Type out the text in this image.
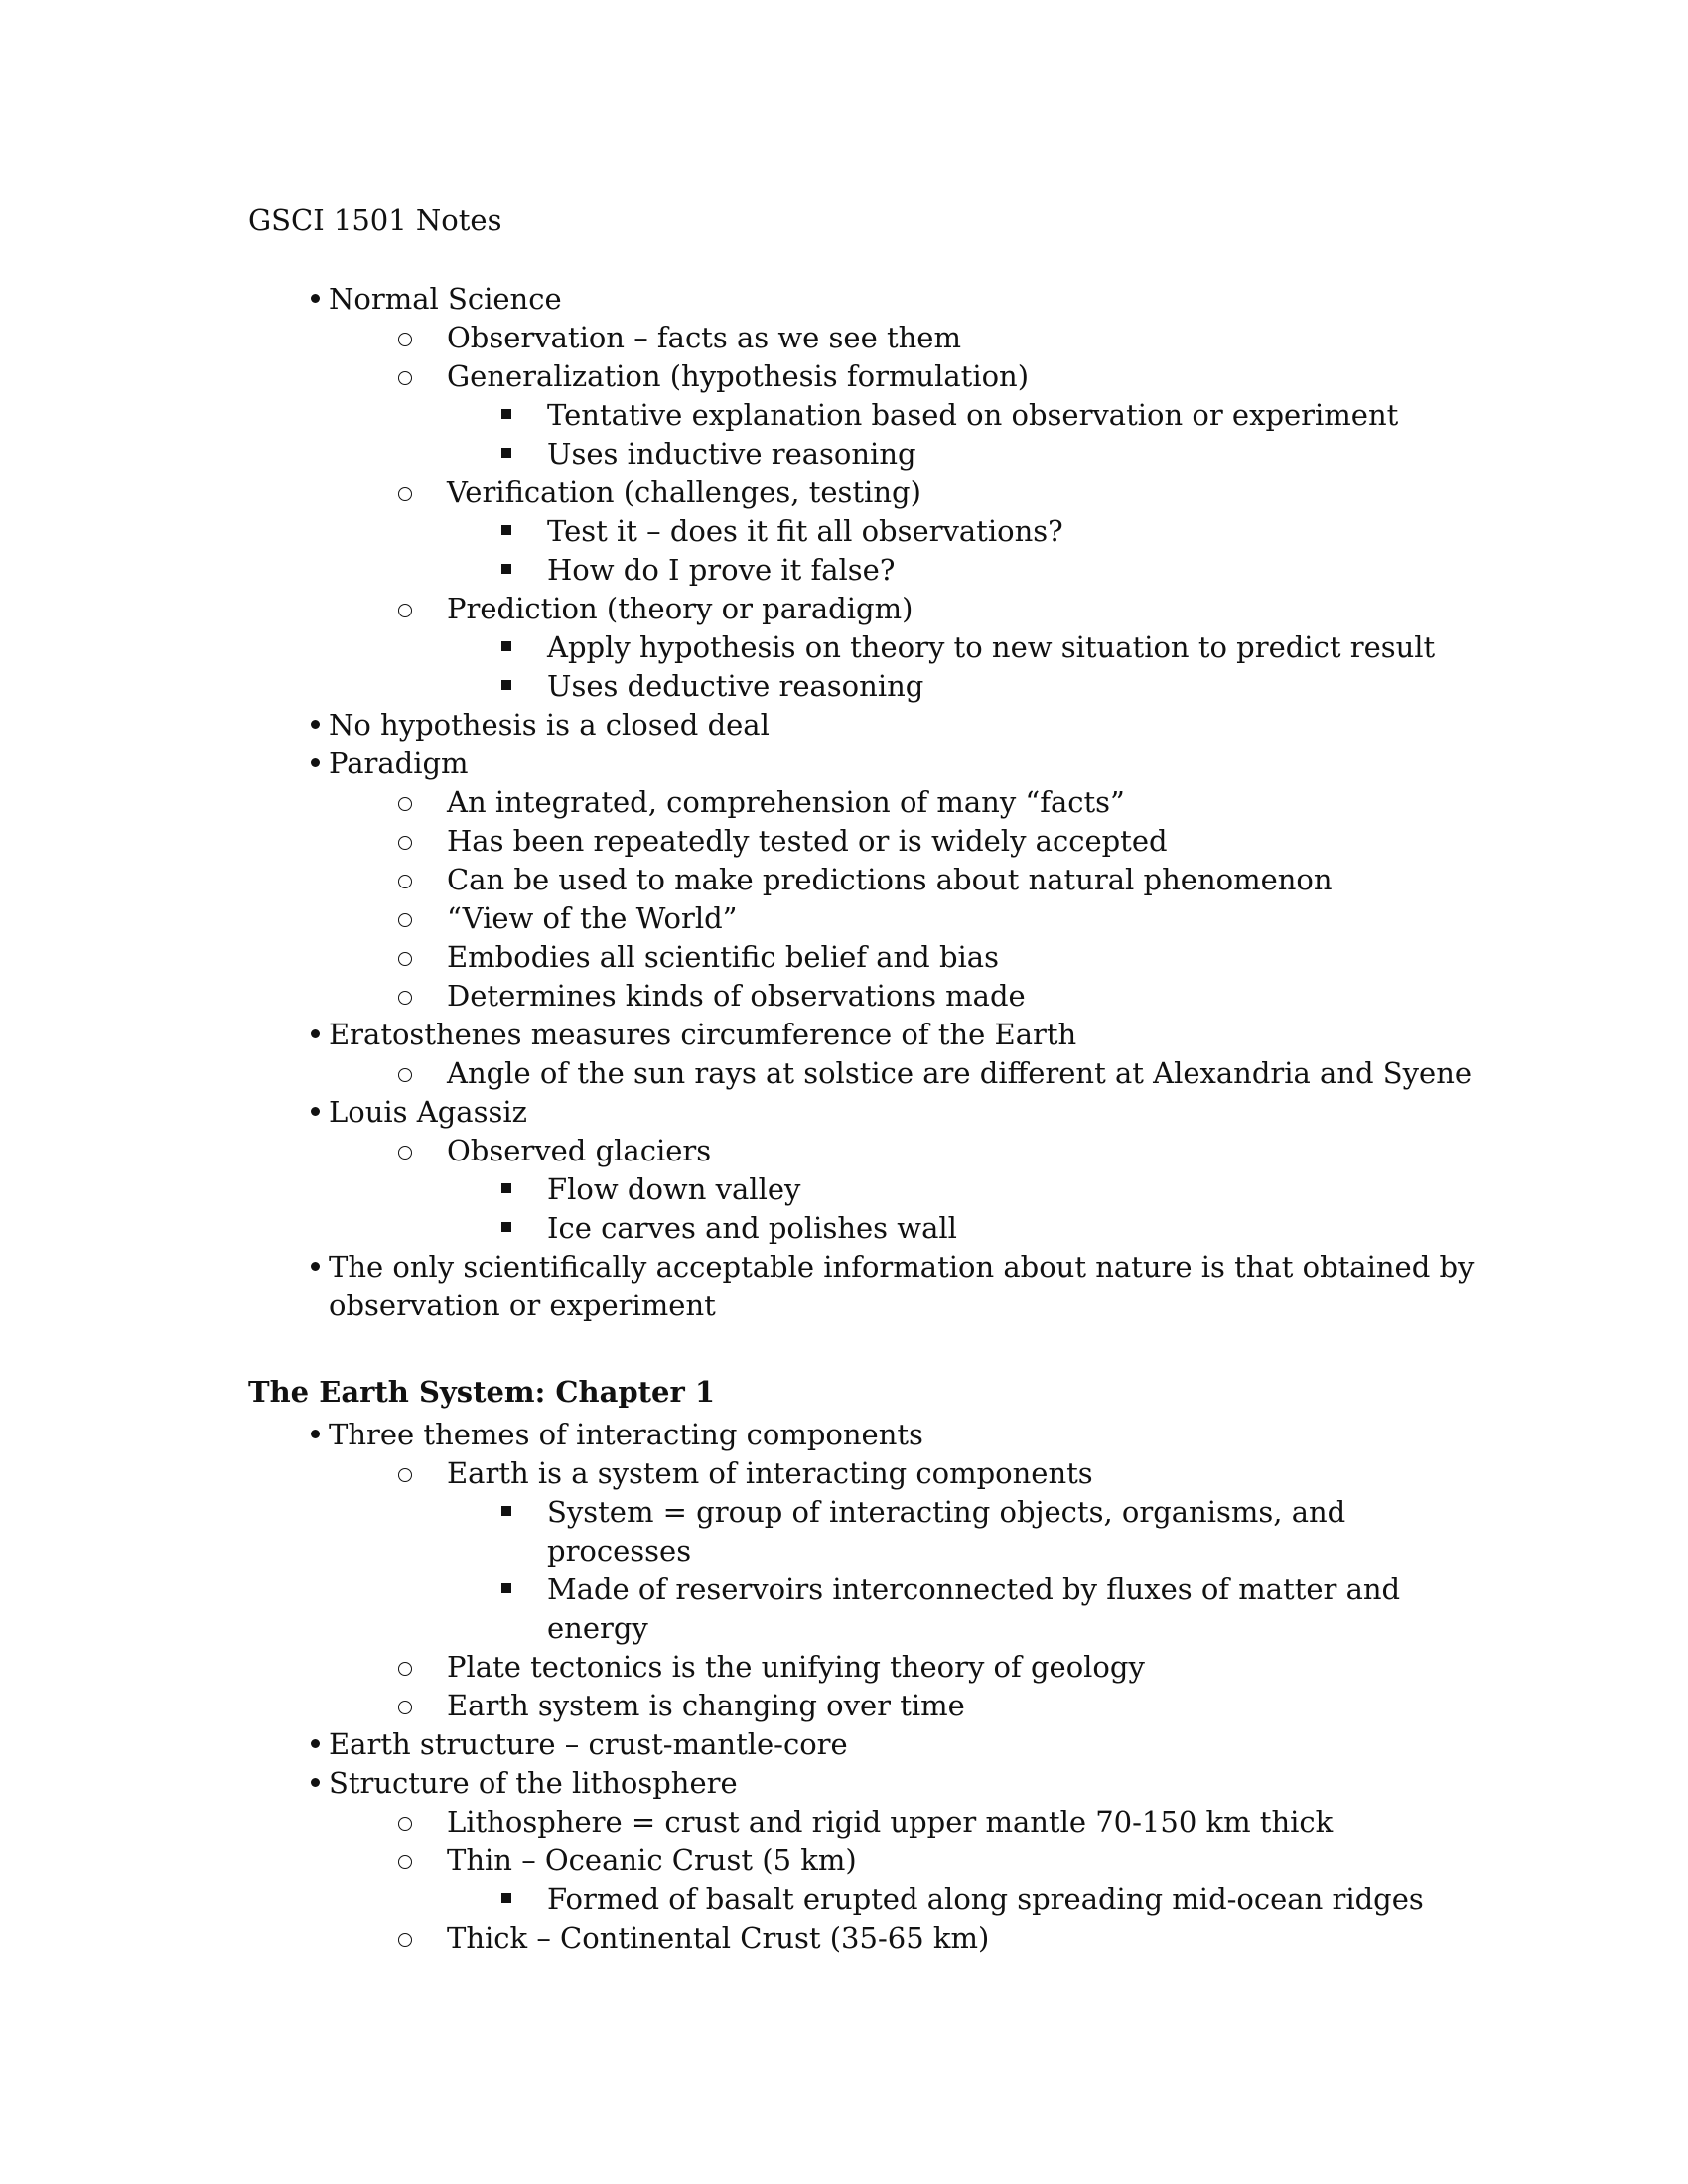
GSCI 1501 Notes
Normal Science
Observation – facts as we see them
Generalization (hypothesis formulation)
Tentative explanation based on observation or experiment
Uses inductive reasoning
Verification (challenges, testing)
Test it – does it fit all observations?
How do I prove it false?
Prediction (theory or paradigm)
Apply hypothesis on theory to new situation to predict result
Uses deductive reasoning
No hypothesis is a closed deal
Paradigm
An integrated, comprehension of many “facts”
Has been repeatedly tested or is widely accepted
Can be used to make predictions about natural phenomenon
“View of the World”
Embodies all scientific belief and bias
Determines kinds of observations made
Eratosthenes measures circumference of the Earth
Angle of the sun rays at solstice are different at Alexandria and Syene
Louis Agassiz
Observed glaciers
Flow down valley
Ice carves and polishes wall
The only scientifically acceptable information about nature is that obtained by
observation or experiment
The Earth System: Chapter 1
Three themes of interacting components
Earth is a system of interacting components
System = group of interacting objects, organisms, and
processes
Made of reservoirs interconnected by fluxes of matter and
energy
Plate tectonics is the unifying theory of geology
Earth system is changing over time
Earth structure – crust-mantle-core
Structure of the lithosphere
Lithosphere = crust and rigid upper mantle 70-150 km thick
Thin – Oceanic Crust (5 km)
Formed of basalt erupted along spreading mid-ocean ridges
Thick – Continental Crust (35-65 km)
